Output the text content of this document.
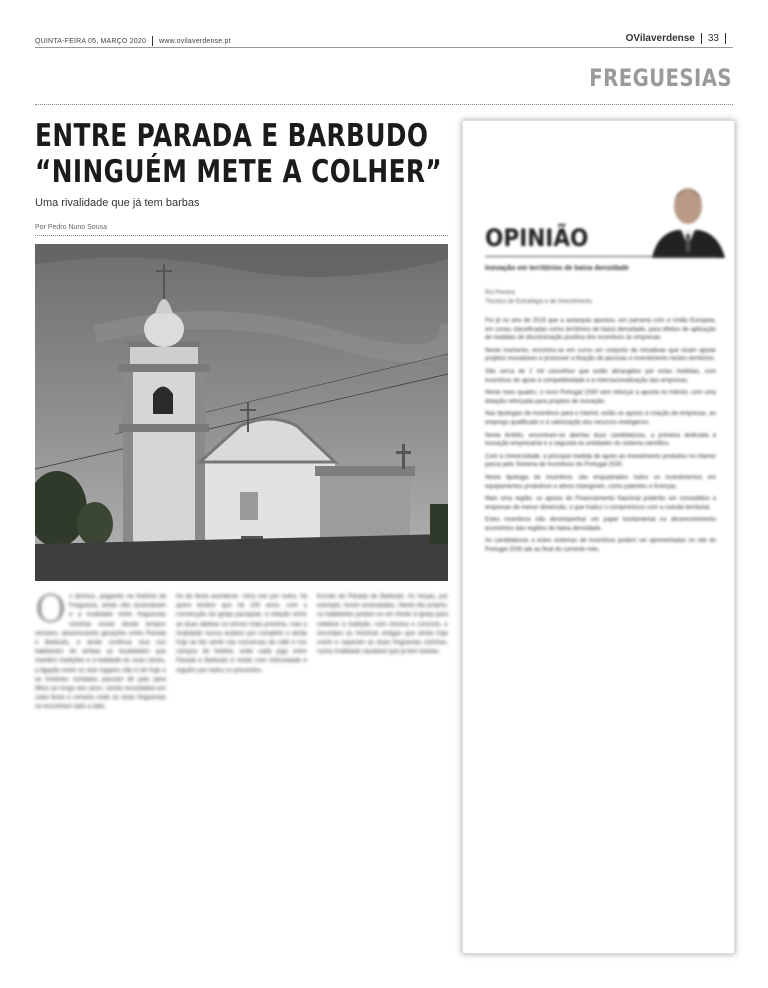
QUINTA-FEIRA 05, MARÇO 2020 www.ovilaverdense.pt	OVilaverdense 33
FREGUESIAS
ENTRE PARADA E BARBUDO “NINGUÉM METE A COLHER”
Uma rivalidade que já tem barbas
Por Pedro Nuno Sousa
Os ânimos, pegando na história da Freguesia, ainda não assentaram e a rivalidade entre freguesias vizinhas existe desde tempos remotos, atravessando gerações entre Parada e Barbudo, e ainda continua viva nos habitantes de ambas as localidades que mantêm tradições e a lealdade às suas raízes, a ligação entre os dois lugares não é de hoje e as histórias contadas passam de pais para filhos ao longo dos anos, sendo recordadas em cada festa e romaria onde as duas freguesias se encontram lado a lado.
há de festa acontecer. Uma vez por outra, há quem lembre que há 100 anos, com a construção da igreja paroquial, a relação entre as duas aldeias se tornou mais próxima, mas a rivalidade nunca acabou por completo e ainda hoje se faz sentir nas conversas do café e nos campos de futebol, onde cada jogo entre Parada e Barbudo é vivido com intensidade e orgulho por todos os presentes.
Escola de Parada de Barbudo. As forças, por exemplo, foram assinaladas. Neste dia próprio, os habitantes juntam-se em frente à igreja para celebrar a tradição, com música e convívio, e recordam as histórias antigas que ainda hoje unem e separam as duas freguesias vizinhas, numa rivalidade saudável que já tem barbas.
OPINIÃO
Inovação em territórios de baixa densidade
Rui Pereira
Técnico de Estratégia e de Investimento

Foi já no ano de 2015 que a autarquia apostou, em parceria com a União Europeia, em zonas classificadas como territórios de baixa densidade, para efeitos de aplicação de medidas de discriminação positiva dos incentivos às empresas.

Neste momento, encontra-se em curso um conjunto de iniciativas que visam apoiar projetos inovadores e promover a fixação de pessoas e investimento nestes territórios.

São cerca de 2 mil concelhos que estão abrangidos por estas medidas, com incentivos de apoio à competitividade e à internacionalização das empresas.

Neste novo quadro, o novo Portugal 2030 vem reforçar a aposta no interior, com uma dotação reforçada para projetos de inovação.

Nas tipologias de incentivos para o interior, estão os apoios à criação de empresas, ao emprego qualificado e à valorização dos recursos endógenos.

Neste âmbito, encontram-se abertas duas candidaturas, a primeira dedicada à inovação empresarial e a segunda às entidades do sistema científico.

Com a Universidade, a principal medida de apoio ao investimento produtivo no interior passa pelo Sistema de Incentivos do Portugal 2030.

Nesta tipologia de incentivos são enquadrados todos os investimentos em equipamentos produtivos e ativos intangíveis, como patentes e licenças.

Mais uma região, os apoios do Financiamento Nacional poderão ser concedidos a empresas de menor dimensão, o que traduz o compromisso com a coesão territorial.

Estes incentivos irão desempenhar um papel fundamental no desenvolvimento económico das regiões de baixa densidade.

As candidaturas a estes sistemas de incentivos podem ser apresentadas no site do Portugal 2030 até ao final do corrente mês.
